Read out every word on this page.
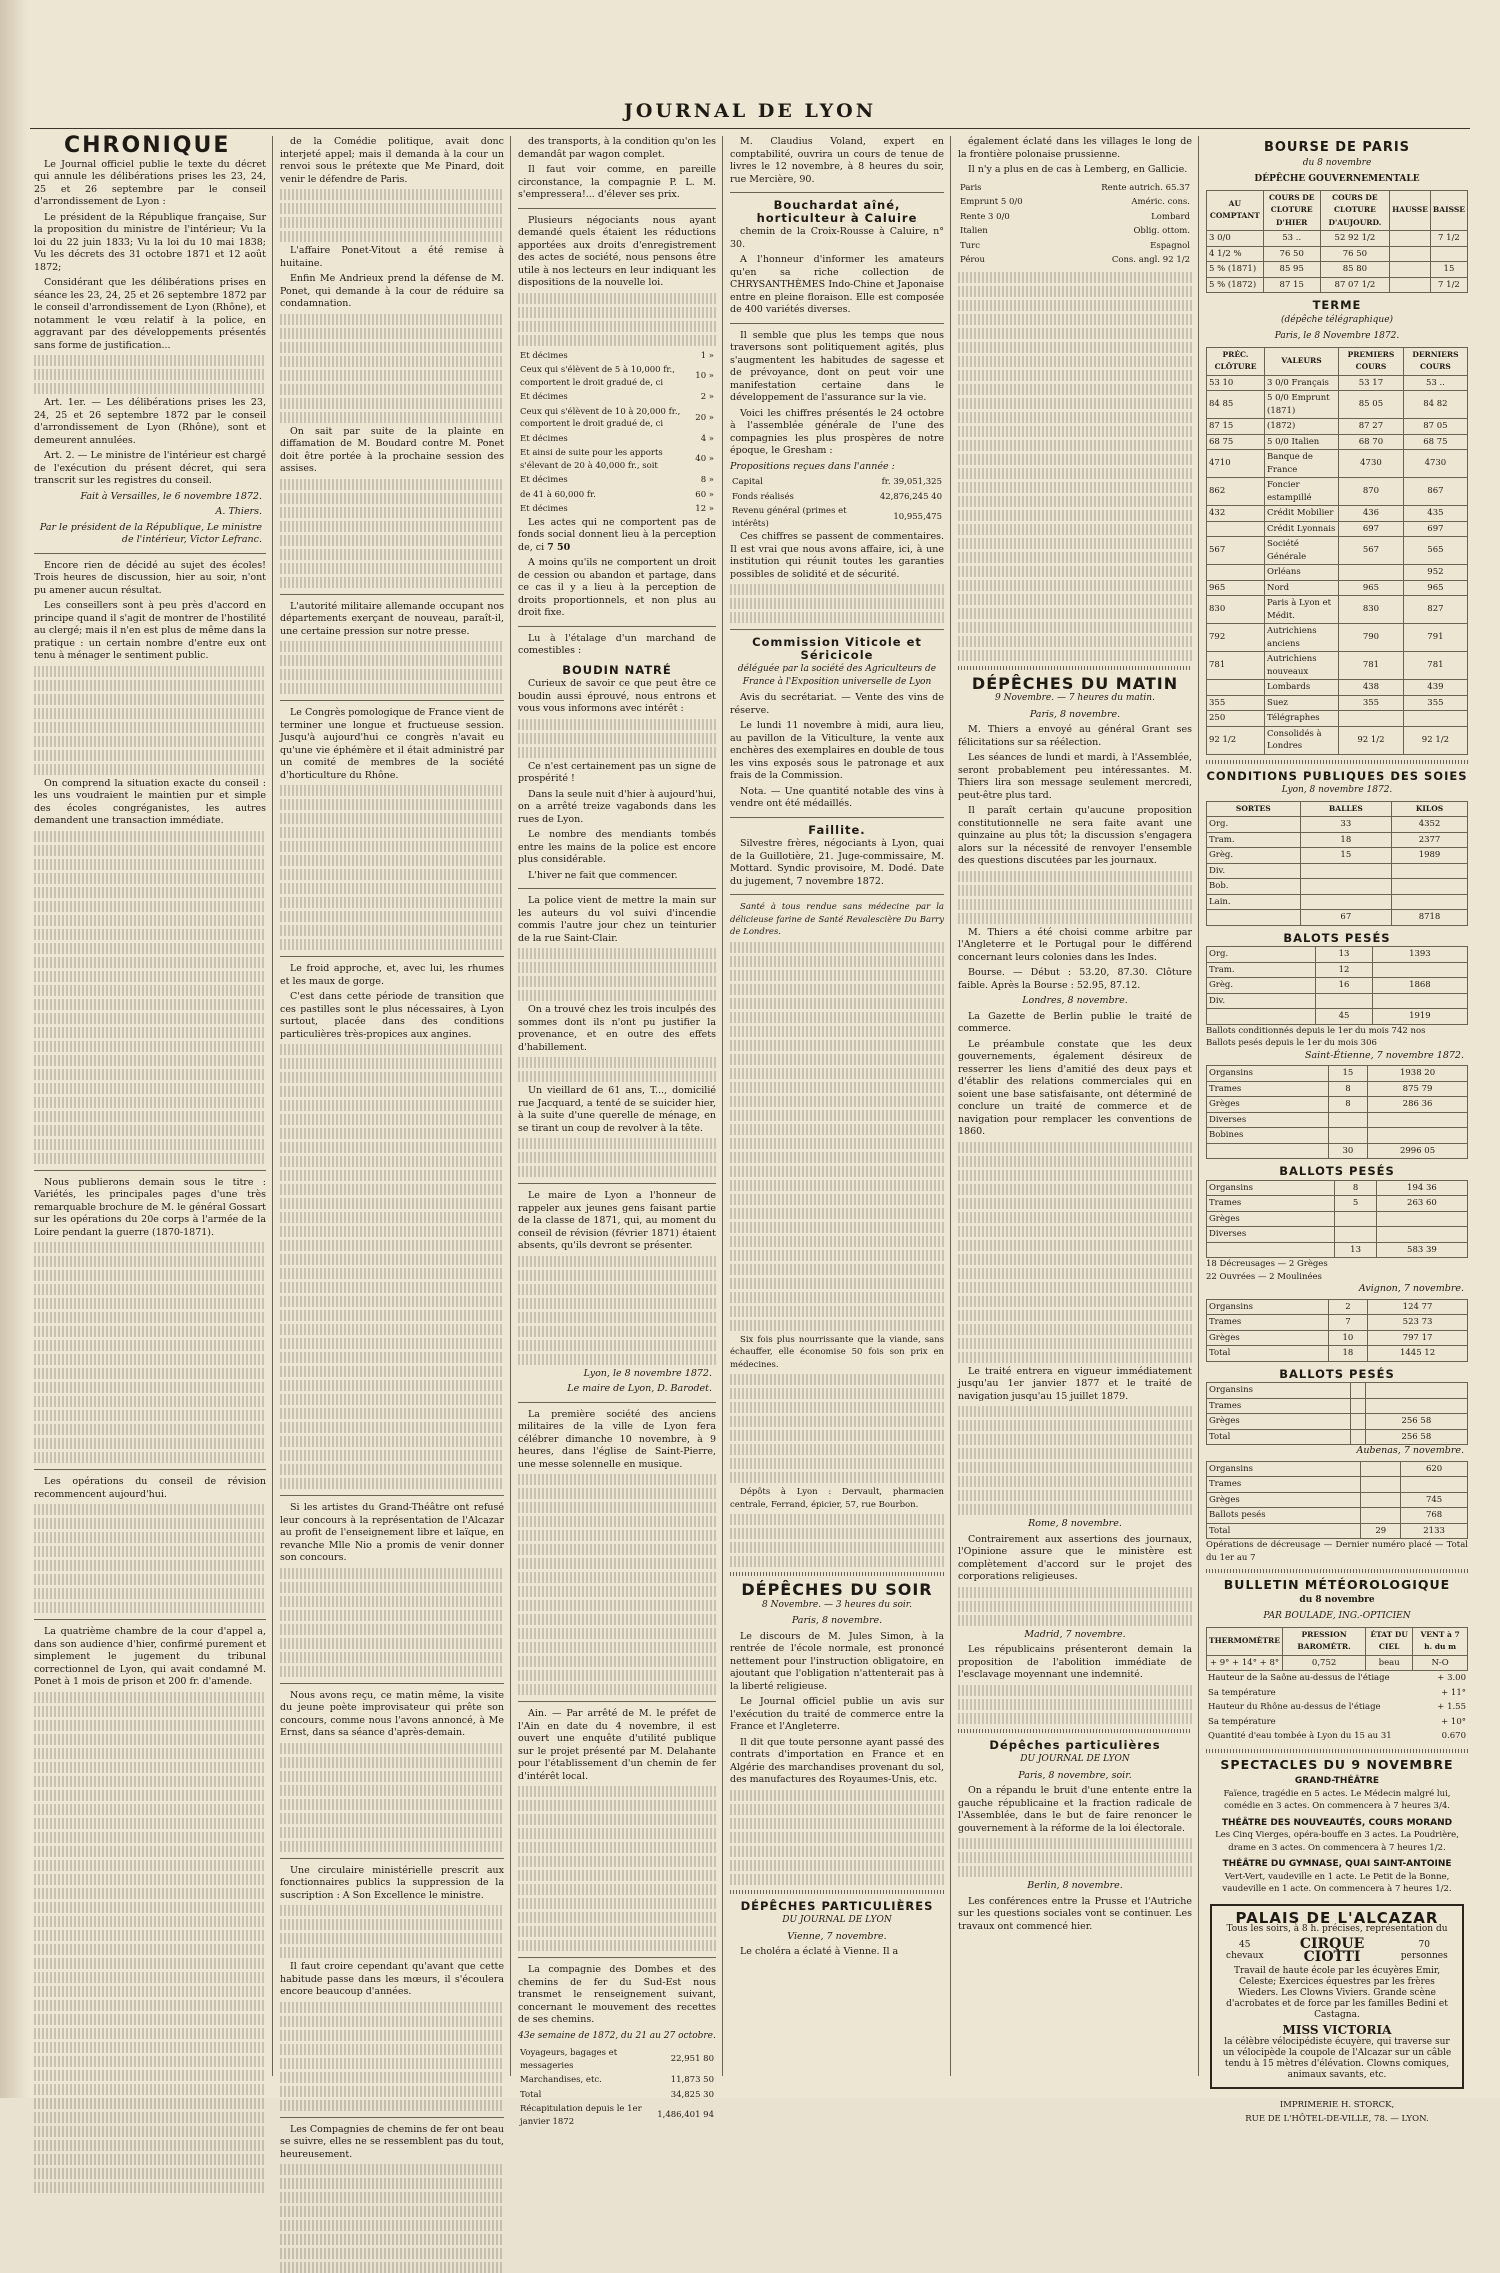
JOURNAL DE LYON
CHRONIQUE

Le Journal officiel publie le texte du décret qui annule les délibérations prises les 23, 24, 25 et 26 septembre par le conseil d'arrondissement de Lyon :

Le président de la République française, Sur la proposition du ministre de l'intérieur; Vu la loi du 22 juin 1833; Vu la loi du 10 mai 1838; Vu les décrets des 31 octobre 1871 et 12 août 1872;

Considérant que les délibérations prises en séance les 23, 24, 25 et 26 septembre 1872 par le conseil d'arrondissement de Lyon (Rhône), et notamment le vœu relatif à la police, en aggravant par des développements présentés sans forme de justification...

Art. 1er. — Les délibérations prises les 23, 24, 25 et 26 septembre 1872 par le conseil d'arrondissement de Lyon (Rhône), sont et demeurent annulées.

Art. 2. — Le ministre de l'intérieur est chargé de l'exécution du présent décret, qui sera transcrit sur les registres du conseil.

Fait à Versailles, le 6 novembre 1872.
A. Thiers.
Par le président de la République, Le ministre de l'intérieur, Victor Lefranc.

Encore rien de décidé au sujet des écoles! Trois heures de discussion, hier au soir, n'ont pu amener aucun résultat.

Les conseillers sont à peu près d'accord en principe quand il s'agit de montrer de l'hostilité au clergé; mais il n'en est plus de même dans la pratique : un certain nombre d'entre eux ont tenu à ménager le sentiment public.

On comprend la situation exacte du conseil : les uns voudraient le maintien pur et simple des écoles congréganistes, les autres demandent une transaction immédiate.

Nous publierons demain sous le titre : Variétés, les principales pages d'une très remarquable brochure de M. le général Gossart sur les opérations du 20e corps à l'armée de la Loire pendant la guerre (1870-1871).

Les opérations du conseil de révision recommencent aujourd'hui.

La quatrième chambre de la cour d'appel a, dans son audience d'hier, confirmé purement et simplement le jugement du tribunal correctionnel de Lyon, qui avait condamné M. Ponet à 1 mois de prison et 200 fr. d'amende.

de la Comédie politique, avait donc interjeté appel; mais il demanda à la cour un renvoi sous le prétexte que Me Pinard, doit venir le défendre de Paris.

L'affaire Ponet-Vitout a été remise à huitaine.

Enfin Me Andrieux prend la défense de M. Ponet, qui demande à la cour de réduire sa condamnation.

On sait par suite de la plainte en diffamation de M. Boudard contre M. Ponet doit être portée à la prochaine session des assises.

L'autorité militaire allemande occupant nos départements exerçant de nouveau, paraît-il, une certaine pression sur notre presse.

Le Congrès pomologique de France vient de terminer une longue et fructueuse session. Jusqu'à aujourd'hui ce congrès n'avait eu qu'une vie éphémère et il était administré par un comité de membres de la société d'horticulture du Rhône.

Le froid approche, et, avec lui, les rhumes et les maux de gorge.

C'est dans cette période de transition que ces pastilles sont le plus nécessaires, à Lyon surtout, placée dans des conditions particulières très-propices aux angines.

Si les artistes du Grand-Théâtre ont refusé leur concours à la représentation de l'Alcazar au profit de l'enseignement libre et laïque, en revanche Mlle Nio a promis de venir donner son concours.

Nous avons reçu, ce matin même, la visite du jeune poète improvisateur qui prête son concours, comme nous l'avons annoncé, à Me Ernst, dans sa séance d'après-demain.

Une circulaire ministérielle prescrit aux fonctionnaires publics la suppression de la suscription : A Son Excellence le ministre.

Il faut croire cependant qu'avant que cette habitude passe dans les mœurs, il s'écoulera encore beaucoup d'années.

Les Compagnies de chemins de fer ont beau se suivre, elles ne se ressemblent pas du tout, heureusement.

des transports, à la condition qu'on les demandât par wagon complet.

Il faut voir comme, en pareille circonstance, la compagnie P. L. M. s'empressera!... d'élever ses prix.

Plusieurs négociants nous ayant demandé quels étaient les réductions apportées aux droits d'enregistrement des actes de société, nous pensons être utile à nos lecteurs en leur indiquant les dispositions de la nouvelle loi.

Et décimes	1 »
Ceux qui s'élèvent de 5 à 10,000 fr., comportent le droit gradué de, ci	10 »
Et décimes	2 »
Ceux qui s'élèvent de 10 à 20,000 fr., comportent le droit gradué de, ci	20 »
Et décimes	4 »
Et ainsi de suite pour les apports s'élevant de 20 à 40,000 fr., soit	40 »
Et décimes	8 »
de 41 à 60,000 fr.	60 »
Et décimes	12 »

Les actes qui ne comportent pas de fonds social donnent lieu à la perception de, ci 7 50

A moins qu'ils ne comportent un droit de cession ou abandon et partage, dans ce cas il y a lieu à la perception de droits proportionnels, et non plus au droit fixe.

Lu à l'étalage d'un marchand de comestibles :

BOUDIN NATRÉ

Curieux de savoir ce que peut être ce boudin aussi éprouvé, nous entrons et vous vous informons avec intérêt :

Ce n'est certainement pas un signe de prospérité !

Dans la seule nuit d'hier à aujourd'hui, on a arrêté treize vagabonds dans les rues de Lyon.

Le nombre des mendiants tombés entre les mains de la police est encore plus considérable.

L'hiver ne fait que commencer.

La police vient de mettre la main sur les auteurs du vol suivi d'incendie commis l'autre jour chez un teinturier de la rue Saint-Clair.

On a trouvé chez les trois inculpés des sommes dont ils n'ont pu justifier la provenance, et en outre des effets d'habillement.

Un vieillard de 61 ans, T..., domicilié rue Jacquard, a tenté de se suicider hier, à la suite d'une querelle de ménage, en se tirant un coup de revolver à la tête.

Le maire de Lyon a l'honneur de rappeler aux jeunes gens faisant partie de la classe de 1871, qui, au moment du conseil de révision (février 1871) étaient absents, qu'ils devront se présenter.

Lyon, le 8 novembre 1872.
Le maire de Lyon, D. Barodet.

La première société des anciens militaires de la ville de Lyon fera célébrer dimanche 10 novembre, à 9 heures, dans l'église de Saint-Pierre, une messe solennelle en musique.

Ain. — Par arrêté de M. le préfet de l'Ain en date du 4 novembre, il est ouvert une enquête d'utilité publique sur le projet présenté par M. Delahante pour l'établissement d'un chemin de fer d'intérêt local.

La compagnie des Dombes et des chemins de fer du Sud-Est nous transmet le renseignement suivant, concernant le mouvement des recettes de ses chemins.

43e semaine de 1872, du 21 au 27 octobre.
Voyageurs, bagages et messageries	22,951 80
Marchandises, etc.	11,873 50
Total	34,825 30
Récapitulation depuis le 1er janvier 1872	1,486,401 94

M. Claudius Voland, expert en comptabilité, ouvrira un cours de tenue de livres le 12 novembre, à 8 heures du soir, rue Mercière, 90.

Bouchardat aîné, horticulteur à Caluire

chemin de la Croix-Rousse à Caluire, n° 30.

A l'honneur d'informer les amateurs qu'en sa riche collection de CHRYSANTHÈMES Indo-Chine et Japonaise entre en pleine floraison. Elle est composée de 400 variétés diverses.

Il semble que plus les temps que nous traversons sont politiquement agités, plus s'augmentent les habitudes de sagesse et de prévoyance, dont on peut voir une manifestation certaine dans le développement de l'assurance sur la vie.

Voici les chiffres présentés le 24 octobre à l'assemblée générale de l'une des compagnies les plus prospères de notre époque, le Gresham :

Propositions reçues dans l'année :
Capital	fr. 39,051,325
Fonds réalisés	42,876,245 40
Revenu général (primes et intérêts)	10,955,475

Ces chiffres se passent de commentaires. Il est vrai que nous avons affaire, ici, à une institution qui réunit toutes les garanties possibles de solidité et de sécurité.

Commission Viticole et Séricicole
déléguée par la société des Agriculteurs de France à l'Exposition universelle de Lyon

Avis du secrétariat. — Vente des vins de réserve.

Le lundi 11 novembre à midi, aura lieu, au pavillon de la Viticulture, la vente aux enchères des exemplaires en double de tous les vins exposés sous le patronage et aux frais de la Commission.

Nota. — Une quantité notable des vins à vendre ont été médaillés.

Faillite.

Silvestre frères, négociants à Lyon, quai de la Guillotière, 21. Juge-commissaire, M. Mottard. Syndic provisoire, M. Dodé. Date du jugement, 7 novembre 1872.

Santé à tous rendue sans médecine par la délicieuse farine de Santé Revalescière Du Barry de Londres.

Six fois plus nourrissante que la viande, sans échauffer, elle économise 50 fois son prix en médecines.

Dépôts à Lyon : Dervault, pharmacien centrale, Ferrand, épicier, 57, rue Bourbon.

DÉPÊCHES DU SOIR
8 Novembre. — 3 heures du soir.
Paris, 8 novembre.

Le discours de M. Jules Simon, à la rentrée de l'école normale, est prononcé nettement pour l'instruction obligatoire, en ajoutant que l'obligation n'attenterait pas à la liberté religieuse.

Le Journal officiel publie un avis sur l'exécution du traité de commerce entre la France et l'Angleterre.

Il dit que toute personne ayant passé des contrats d'importation en France et en Algérie des marchandises provenant du sol, des manufactures des Royaumes-Unis, etc.

DÉPÊCHES PARTICULIÈRES
DU JOURNAL DE LYON
Vienne, 7 novembre.

Le choléra a éclaté à Vienne. Il a

également éclaté dans les villages le long de la frontière polonaise prussienne.

Il n'y a plus en de cas à Lemberg, en Gallicie.

Paris	Rente autrich. 65.37
Emprunt 5 0/0	Améric. cons.
Rente 3 0/0	Lombard
Italien	Oblig. ottom.
Turc	Espagnol
Pérou	Cons. angl. 92 1/2
DÉPÊCHES DU MATIN
9 Novembre. — 7 heures du matin.
Paris, 8 novembre.

M. Thiers a envoyé au général Grant ses félicitations sur sa réélection.

Les séances de lundi et mardi, à l'Assemblée, seront probablement peu intéressantes. M. Thiers lira son message seulement mercredi, peut-être plus tard.

Il paraît certain qu'aucune proposition constitutionnelle ne sera faite avant une quinzaine au plus tôt; la discussion s'engagera alors sur la nécessité de renvoyer l'ensemble des questions discutées par les journaux.

M. Thiers a été choisi comme arbitre par l'Angleterre et le Portugal pour le différend concernant leurs colonies dans les Indes.

Bourse. — Début : 53.20, 87.30. Clôture faible. Après la Bourse : 52.95, 87.12.

Londres, 8 novembre.

La Gazette de Berlin publie le traité de commerce.

Le préambule constate que les deux gouvernements, également désireux de resserrer les liens d'amitié des deux pays et d'établir des relations commerciales qui en soient une base satisfaisante, ont déterminé de conclure un traité de commerce et de navigation pour remplacer les conventions de 1860.

Le traité entrera en vigueur immédiatement jusqu'au 1er janvier 1877 et le traité de navigation jusqu'au 15 juillet 1879.

Rome, 8 novembre.

Contrairement aux assertions des journaux, l'Opinione assure que le ministère est complètement d'accord sur le projet des corporations religieuses.

Madrid, 7 novembre.

Les républicains présenteront demain la proposition de l'abolition immédiate de l'esclavage moyennant une indemnité.

Dépêches particulières
DU JOURNAL DE LYON
Paris, 8 novembre, soir.

On a répandu le bruit d'une entente entre la gauche républicaine et la fraction radicale de l'Assemblée, dans le but de faire renoncer le gouvernement à la réforme de la loi électorale.

Berlin, 8 novembre.

Les conférences entre la Prusse et l'Autriche sur les questions sociales vont se continuer. Les travaux ont commencé hier.

BOURSE DE PARIS
du 8 novembre
DÉPÊCHE GOUVERNEMENTALE
AU COMPTANT	COURS DE CLOTURE D'HIER	COURS DE CLOTURE D'AUJOURD.	HAUSSE	BAISSE
3 0/0	53 ..	52 92 1/2		7 1/2
4 1/2 %	76 50	76 50		
5 % (1871)	85 95	85 80		15
5 % (1872)	87 15	87 07 1/2		7 1/2
TERME
(dépêche télégraphique)
Paris, le 8 Novembre 1872.
PRÉC. CLÔTURE	VALEURS	PREMIERS COURS	DERNIERS COURS
53 10	3 0/0 Français	53 17	53 ..
84 85	5 0/0 Emprunt (1871)	85 05	84 82
87 15	(1872)	87 27	87 05
68 75	5 0/0 Italien	68 70	68 75
4710	Banque de France	4730	4730
862	Foncier estampillé	870	867
432	Crédit Mobilier	436	435
	Crédit Lyonnais	697	697
567	Société Générale	567	565
	Orléans		952
965	Nord	965	965
830	Paris à Lyon et Médit.	830	827
792	Autrichiens anciens	790	791
781	Autrichiens nouveaux	781	781
	Lombards	438	439
355	Suez	355	355
250	Télégraphes		
92 1/2	Consolidés à Londres	92 1/2	92 1/2
CONDITIONS PUBLIQUES DES SOIES
Lyon, 8 novembre 1872.
SORTES	BALLES	KILOS
Org.	33	4352
Tram.	18	2377
Grèg.	15	1989
Div.		
Bob.		
Lain.		
	67	8718
BALOTS PESÉS
Org.	13	1393
Tram.	12	
Grèg.	16	1868
Div.		
	45	1919
Ballots conditionnés depuis le 1er du mois 742 nos
Ballots pesés depuis le 1er du mois 306
Saint-Étienne, 7 novembre 1872.
Organsins	15	1938 20
Trames	8	875 79
Grèges	8	286 36
Diverses		
Bobines		
	30	2996 05
BALLOTS PESÉS
Organsins	8	194 36
Trames	5	263 60
Grèges		
Diverses		
	13	583 39
18 Décreusages — 2 Grèges
22 Ouvrées — 2 Moulinées
Avignon, 7 novembre.
Organsins	2	124 77
Trames	7	523 73
Grèges	10	797 17
Total	18	1445 12
BALLOTS PESÉS
Organsins		
Trames		
Grèges		256 58
Total		256 58
Aubenas, 7 novembre.
Organsins		620
Trames		
Grèges		745
Ballots pesés		768
Total	29	2133
Opérations de décreusage — Dernier numéro placé — Total du 1er au 7
BULLETIN MÉTÉOROLOGIQUE
du 8 novembre
PAR BOULADE, ING.-OPTICIEN
THERMOMÈTRE	PRESSION BAROMÉTR.	ÉTAT DU CIEL	VENT à 7 h. du m
+ 9° + 14° + 8°	0,752	beau	N-O
Hauteur de la Saône au-dessus de l'étiage	+ 3.00
Sa température	+ 11°
Hauteur du Rhône au-dessus de l'étiage	+ 1.55
Sa température	+ 10°
Quantité d'eau tombée à Lyon du 15 au 31	0.670
SPECTACLES DU 9 NOVEMBRE
GRAND-THÉÂTRE
Faïence, tragédie en 5 actes. Le Médecin malgré lui, comédie en 3 actes. On commencera à 7 heures 3/4.
THÉÂTRE DES NOUVEAUTÉS, COURS MORAND
Les Cinq Vierges, opéra-bouffe en 3 actes. La Poudrière, drame en 3 actes. On commencera à 7 heures 1/2.
THÉÂTRE DU GYMNASE, QUAI SAINT-ANTOINE
Vert-Vert, vaudeville en 1 acte. Le Petit de la Bonne, vaudeville en 1 acte. On commencera à 7 heures 1/2.
PALAIS DE L'ALCAZAR
Tous les soirs, à 8 h. précises, représentation du
45 chevaux
CIRQUE CIOTTI
70 personnes
Travail de haute école par les écuyères Emir, Celeste; Exercices équestres par les frères Wieders. Les Clowns Viviers. Grande scène d'acrobates et de force par les familles Bedini et Castagna.
MISS VICTORIA
la célèbre vélocipédiste écuyère, qui traverse sur un vélocipède la coupole de l'Alcazar sur un câble tendu à 15 mètres d'élévation. Clowns comiques, animaux savants, etc.
IMPRIMERIE H. STORCK,
RUE DE L'HÔTEL-DE-VILLE, 78. — LYON.
